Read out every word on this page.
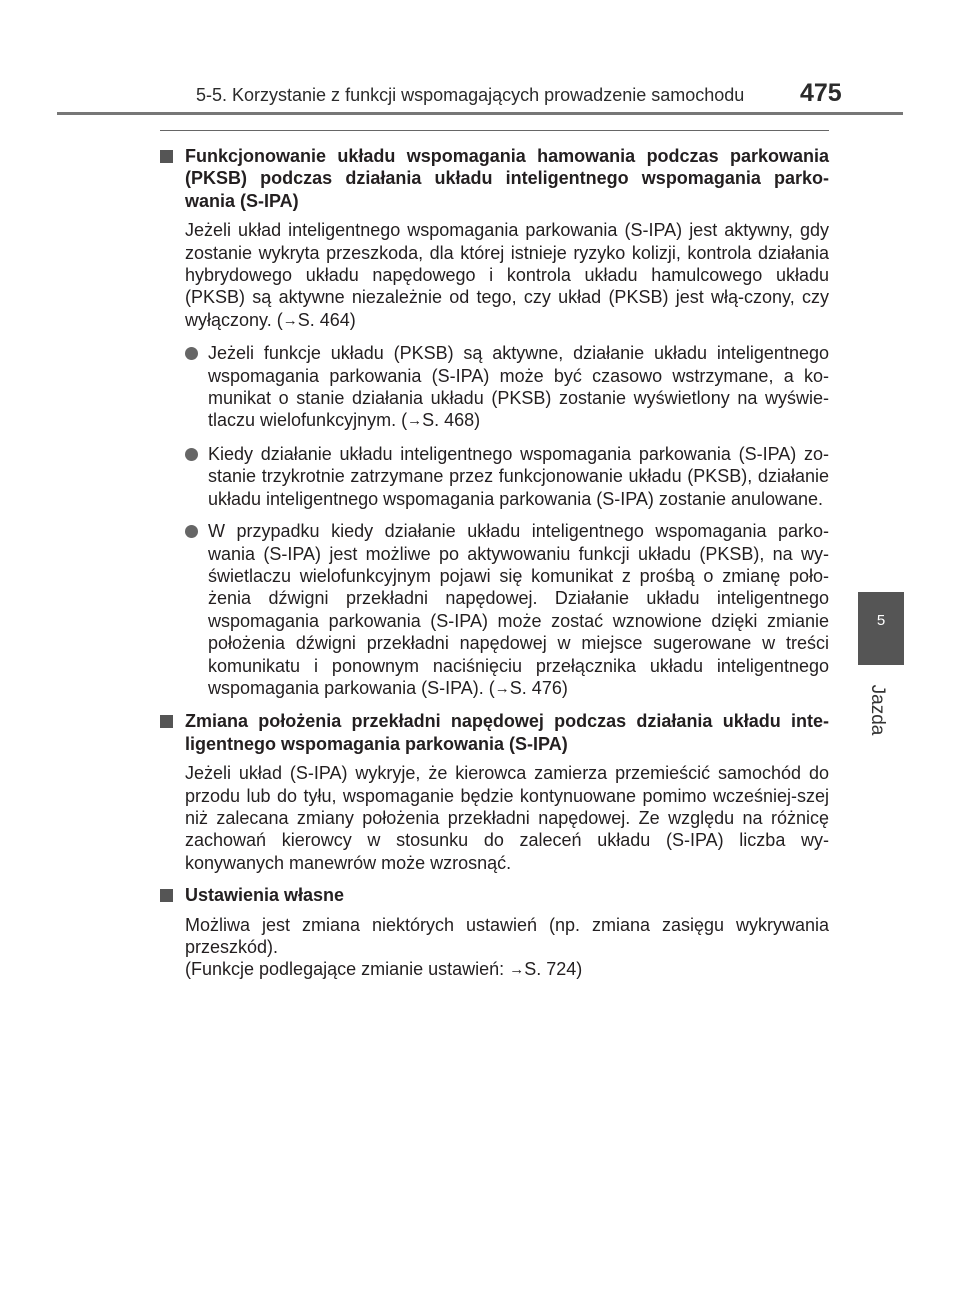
5-5. Korzystanie z funkcji wspomagających prowadzenie samochodu 475
5
Jazda
Funkcjonowanie układu wspomagania hamowania podczas parkowania (PKSB) podczas działania układu inteligentnego wspomagania parko-wania (S-IPA)

Jeżeli układ inteligentnego wspomagania parkowania (S-IPA) jest aktywny, gdy zostanie wykryta przeszkoda, dla której istnieje ryzyko kolizji, kontrola działania hybrydowego układu napędowego i kontrola układu hamulcowego układu (PKSB) są aktywne niezależnie od tego, czy układ (PKSB) jest włą-czony, czy wyłączony. (→S. 464)

Jeżeli funkcje układu (PKSB) są aktywne, działanie układu inteligentnego wspomagania parkowania (S-IPA) może być czasowo wstrzymane, a ko-munikat o stanie działania układu (PKSB) zostanie wyświetlony na wyświe-tlaczu wielofunkcyjnym. (→S. 468)
Kiedy działanie układu inteligentnego wspomagania parkowania (S-IPA) zo-stanie trzykrotnie zatrzymane przez funkcjonowanie układu (PKSB), działanie układu inteligentnego wspomagania parkowania (S-IPA) zostanie anulowane.
W przypadku kiedy działanie układu inteligentnego wspomagania parko-wania (S-IPA) jest możliwe po aktywowaniu funkcji układu (PKSB), na wy-świetlaczu wielofunkcyjnym pojawi się komunikat z prośbą o zmianę poło-żenia dźwigni przekładni napędowej. Działanie układu inteligentnego wspomagania parkowania (S-IPA) może zostać wznowione dzięki zmianie położenia dźwigni przekładni napędowej w miejsce sugerowane w treści komunikatu i ponownym naciśnięciu przełącznika układu inteligentnego wspomagania parkowania (S-IPA). (→S. 476)
Zmiana położenia przekładni napędowej podczas działania układu inte-ligentnego wspomagania parkowania (S-IPA)

Jeżeli układ (S-IPA) wykryje, że kierowca zamierza przemieścić samochód do przodu lub do tyłu, wspomaganie będzie kontynuowane pomimo wcześniej-szej niż zalecana zmiany położenia przekładni napędowej. Ze względu na różnicę zachowań kierowcy w stosunku do zaleceń układu (S-IPA) liczba wy-konywanych manewrów może wzrosnąć.

Ustawienia własne

Możliwa jest zmiana niektórych ustawień (np. zmiana zasięgu wykrywania przeszkód).

(Funkcje podlegające zmianie ustawień: →S. 724)
